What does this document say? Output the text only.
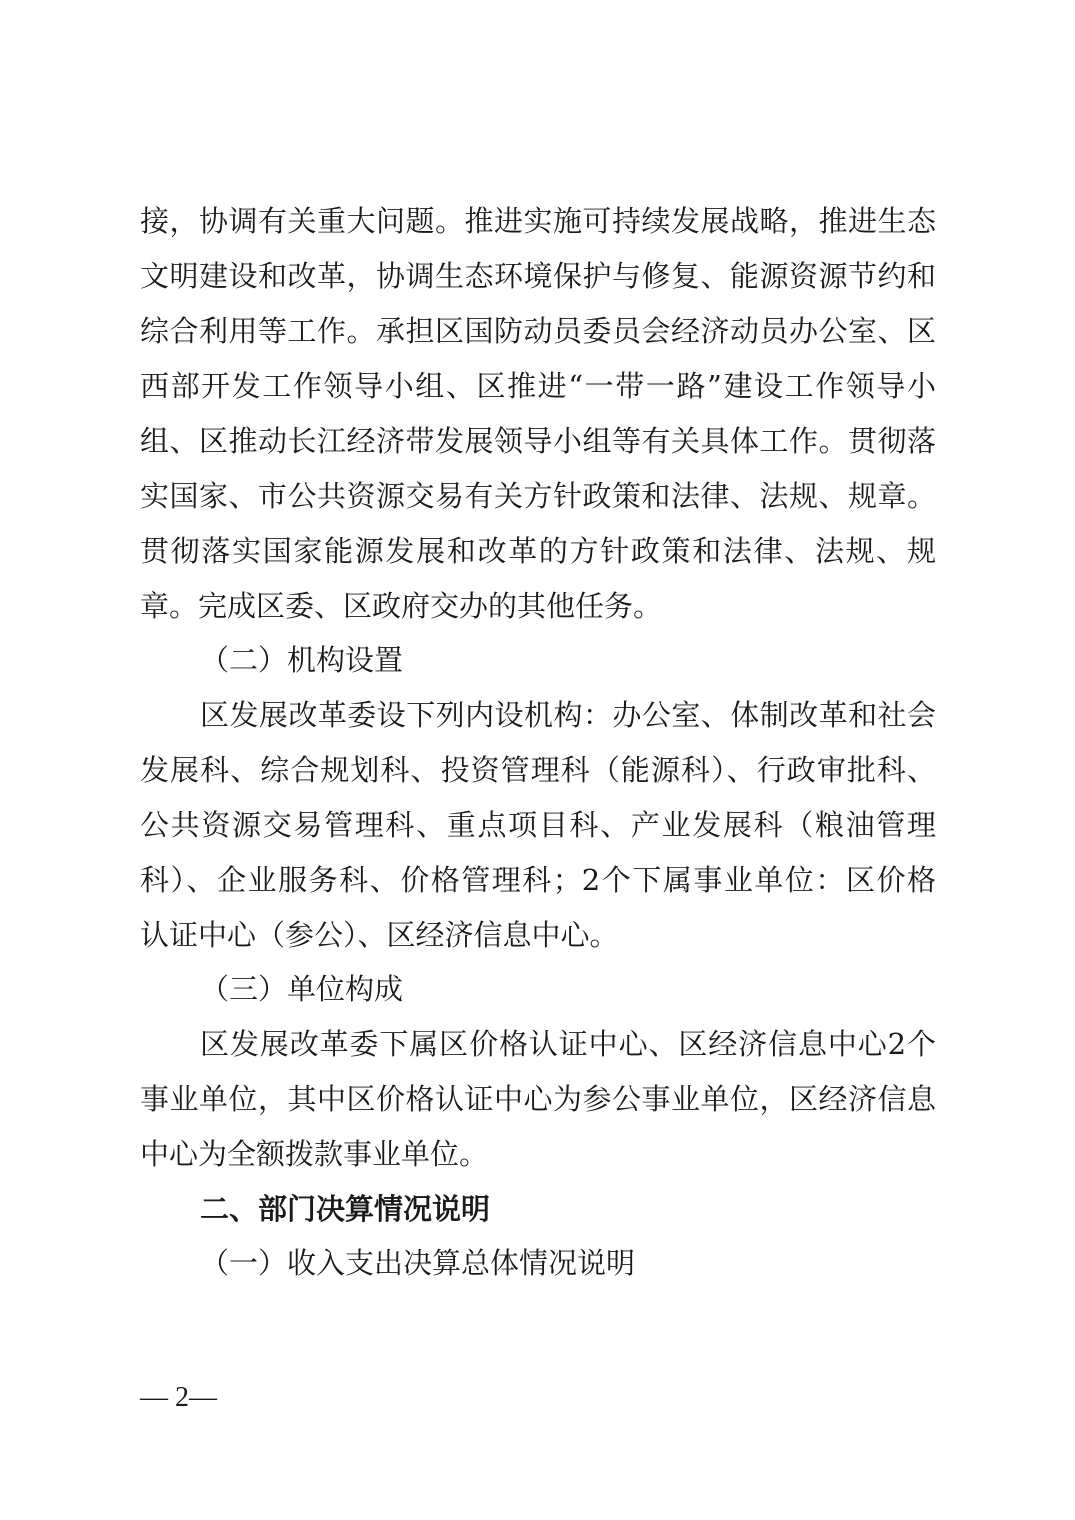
接，协调有关重大问题。推进实施可持续发展战略，推进生态
文明建设和改革，协调生态环境保护与修复、能源资源节约和
综合利用等工作。承担区国防动员委员会经济动员办公室、区
西部开发工作领导小组、区推进“一带一路”建设工作领导小
组、区推动长江经济带发展领导小组等有关具体工作。贯彻落
实国家、市公共资源交易有关方针政策和法律、法规、规章。
贯彻落实国家能源发展和改革的方针政策和法律、法规、规
章。完成区委、区政府交办的其他任务。
（二）机构设置
区发展改革委设下列内设机构：办公室、体制改革和社会
发展科、综合规划科、投资管理科（能源科）、行政审批科、
公共资源交易管理科、重点项目科、产业发展科（粮油管理
科）、企业服务科、价格管理科；2个下属事业单位：区价格
认证中心（参公）、区经济信息中心。
（三）单位构成
区发展改革委下属区价格认证中心、区经济信息中心2个
事业单位，其中区价格认证中心为参公事业单位，区经济信息
中心为全额拨款事业单位。
二、部门决算情况说明
（一）收入支出决算总体情况说明
— 2—
